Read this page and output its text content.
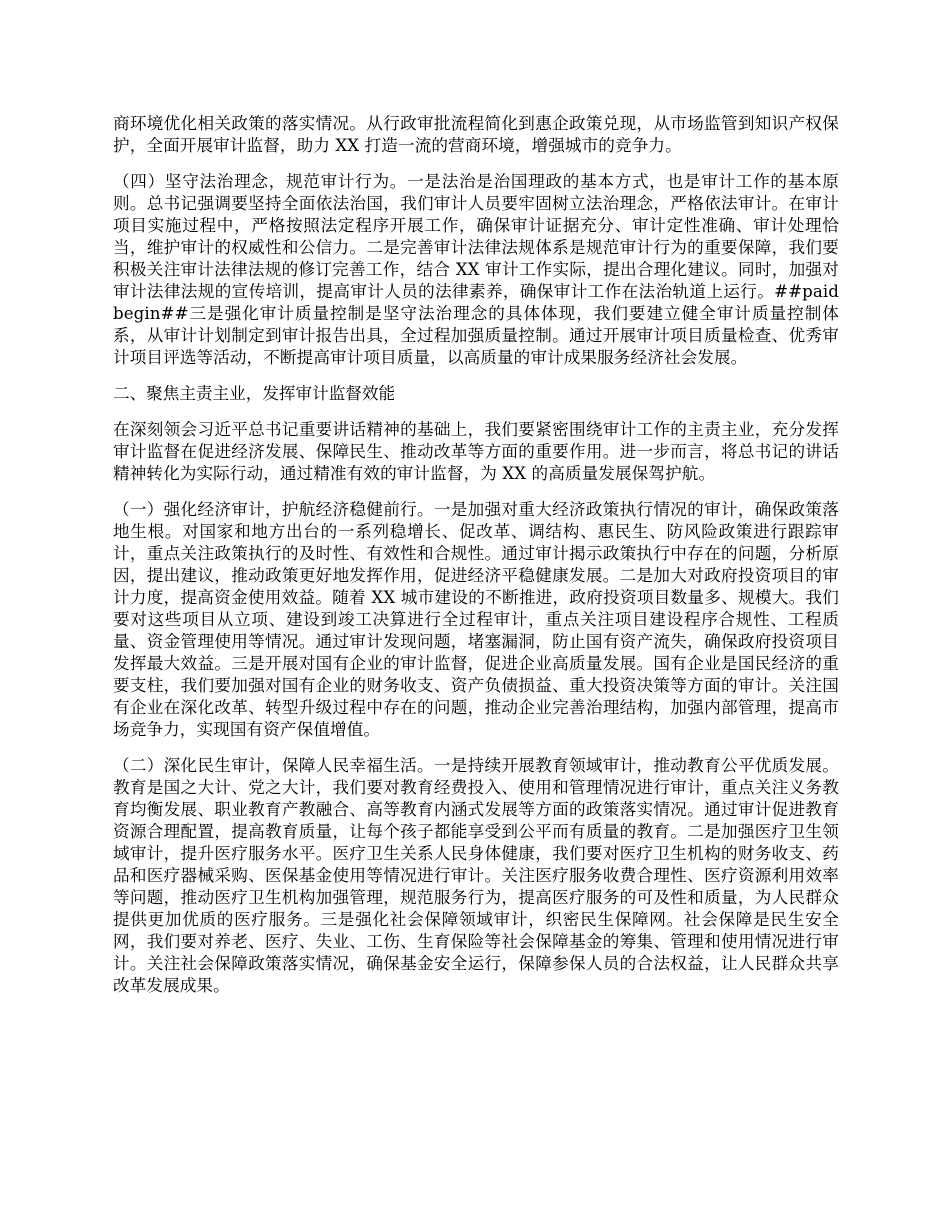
商环境优化相关政策的落实情况。从行政审批流程简化到惠企政策兑现，从市场监管到知识产权保护，全面开展审计监督，助力 XX 打造一流的营商环境，增强城市的竞争力。

（四）坚守法治理念，规范审计行为。一是法治是治国理政的基本方式，也是审计工作的基本原则。总书记强调要坚持全面依法治国，我们审计人员要牢固树立法治理念，严格依法审计。在审计项目实施过程中，严格按照法定程序开展工作，确保审计证据充分、审计定性准确、审计处理恰当，维护审计的权威性和公信力。二是完善审计法律法规体系是规范审计行为的重要保障，我们要积极关注审计法律法规的修订完善工作，结合 XX 审计工作实际，提出合理化建议。同时，加强对审计法律法规的宣传培训，提高审计人员的法律素养，确保审计工作在法治轨道上运行。##paidbegin##三是强化审计质量控制是坚守法治理念的具体体现，我们要建立健全审计质量控制体系，从审计计划制定到审计报告出具，全过程加强质量控制。通过开展审计项目质量检查、优秀审计项目评选等活动，不断提高审计项目质量，以高质量的审计成果服务经济社会发展。

二、聚焦主责主业，发挥审计监督效能

在深刻领会习近平总书记重要讲话精神的基础上，我们要紧密围绕审计工作的主责主业，充分发挥审计监督在促进经济发展、保障民生、推动改革等方面的重要作用。进一步而言，将总书记的讲话精神转化为实际行动，通过精准有效的审计监督，为 XX 的高质量发展保驾护航。

（一）强化经济审计，护航经济稳健前行。一是加强对重大经济政策执行情况的审计，确保政策落地生根。对国家和地方出台的一系列稳增长、促改革、调结构、惠民生、防风险政策进行跟踪审计，重点关注政策执行的及时性、有效性和合规性。通过审计揭示政策执行中存在的问题，分析原因，提出建议，推动政策更好地发挥作用，促进经济平稳健康发展。二是加大对政府投资项目的审计力度，提高资金使用效益。随着 XX 城市建设的不断推进，政府投资项目数量多、规模大。我们要对这些项目从立项、建设到竣工决算进行全过程审计，重点关注项目建设程序合规性、工程质量、资金管理使用等情况。通过审计发现问题，堵塞漏洞，防止国有资产流失，确保政府投资项目发挥最大效益。三是开展对国有企业的审计监督，促进企业高质量发展。国有企业是国民经济的重要支柱，我们要加强对国有企业的财务收支、资产负债损益、重大投资决策等方面的审计。关注国有企业在深化改革、转型升级过程中存在的问题，推动企业完善治理结构，加强内部管理，提高市场竞争力，实现国有资产保值增值。

（二）深化民生审计，保障人民幸福生活。一是持续开展教育领域审计，推动教育公平优质发展。教育是国之大计、党之大计，我们要对教育经费投入、使用和管理情况进行审计，重点关注义务教育均衡发展、职业教育产教融合、高等教育内涵式发展等方面的政策落实情况。通过审计促进教育资源合理配置，提高教育质量，让每个孩子都能享受到公平而有质量的教育。二是加强医疗卫生领域审计，提升医疗服务水平。医疗卫生关系人民身体健康，我们要对医疗卫生机构的财务收支、药品和医疗器械采购、医保基金使用等情况进行审计。关注医疗服务收费合理性、医疗资源利用效率等问题，推动医疗卫生机构加强管理，规范服务行为，提高医疗服务的可及性和质量，为人民群众提供更加优质的医疗服务。三是强化社会保障领域审计，织密民生保障网。社会保障是民生安全网，我们要对养老、医疗、失业、工伤、生育保险等社会保障基金的筹集、管理和使用情况进行审计。关注社会保障政策落实情况，确保基金安全运行，保障参保人员的合法权益，让人民群众共享改革发展成果。
